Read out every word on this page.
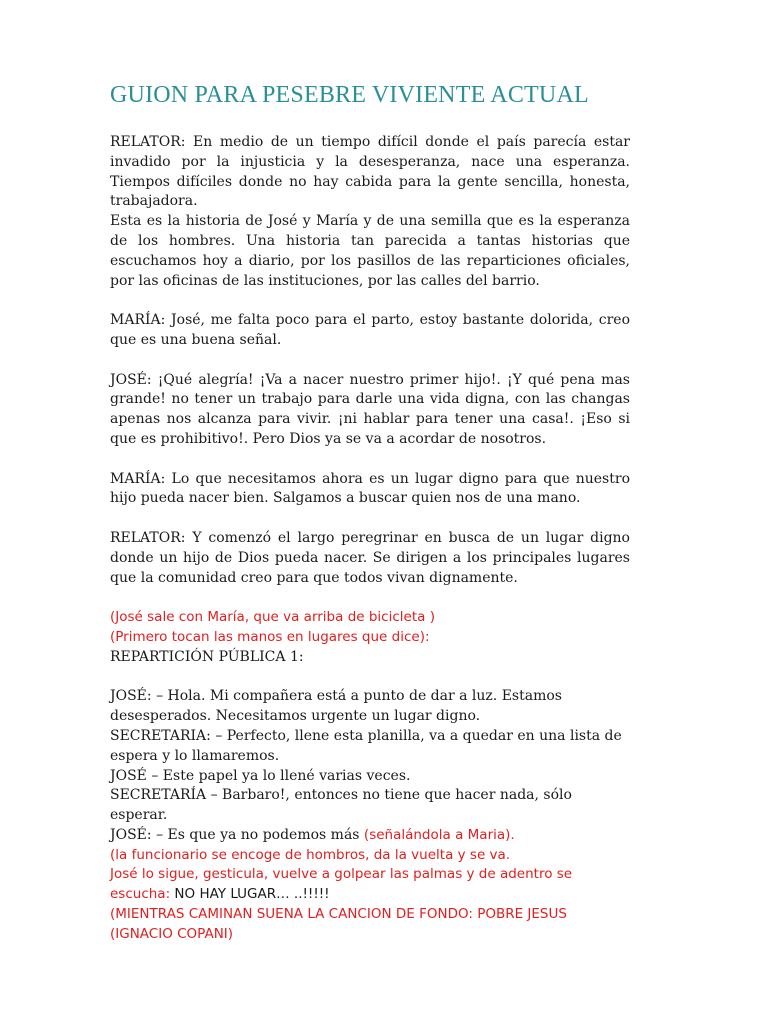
GUION PARA PESEBRE VIVIENTE ACTUAL

RELATOR: En medio de un tiempo difícil donde el país parecía estar invadido por la injusticia y la desesperanza, nace una esperanza. Tiempos difíciles donde no hay cabida para la gente sencilla, honesta, trabajadora.

Esta es la historia de José y María y de una semilla que es la esperanza de los hombres. Una historia tan parecida a tantas historias que escuchamos hoy a diario, por los pasillos de las reparticiones oficiales, por las oficinas de las instituciones, por las calles del barrio.

MARÍA: José, me falta poco para el parto, estoy bastante dolorida, creo que es una buena señal.

JOSÉ: ¡Qué alegría! ¡Va a nacer nuestro primer hijo!. ¡Y qué pena mas grande! no tener un trabajo para darle una vida digna, con las changas apenas nos alcanza para vivir. ¡ni hablar para tener una casa!. ¡Eso si que es prohibitivo!. Pero Dios ya se va a acordar de nosotros.

MARÍA: Lo que necesitamos ahora es un lugar digno para que nuestro hijo pueda nacer bien. Salgamos a buscar quien nos de una mano.

RELATOR: Y comenzó el largo peregrinar en busca de un lugar digno donde un hijo de Dios pueda nacer. Se dirigen a los principales lugares que la comunidad creo para que todos vivan dignamente.

(José sale con María, que va arriba de bicicleta )

(Primero tocan las manos en lugares que dice):

REPARTICIÓN PÚBLICA 1:

JOSÉ: – Hola. Mi compañera está a punto de dar a luz. Estamos desesperados. Necesitamos urgente un lugar digno.

SECRETARIA: – Perfecto, llene esta planilla, va a quedar en una lista de espera y lo llamaremos.

JOSÉ – Este papel ya lo llené varias veces.

SECRETARÍA – Barbaro!, entonces no tiene que hacer nada, sólo esperar.

JOSÉ: – Es que ya no podemos más (señalándola a Maria).

(la funcionario se encoge de hombros, da la vuelta y se va.

José lo sigue, gesticula, vuelve a golpear las palmas y de adentro se escucha: NO HAY LUGAR… ..!!!!!

(MIENTRAS CAMINAN SUENA LA CANCION DE FONDO: POBRE JESUS (IGNACIO COPANI)
